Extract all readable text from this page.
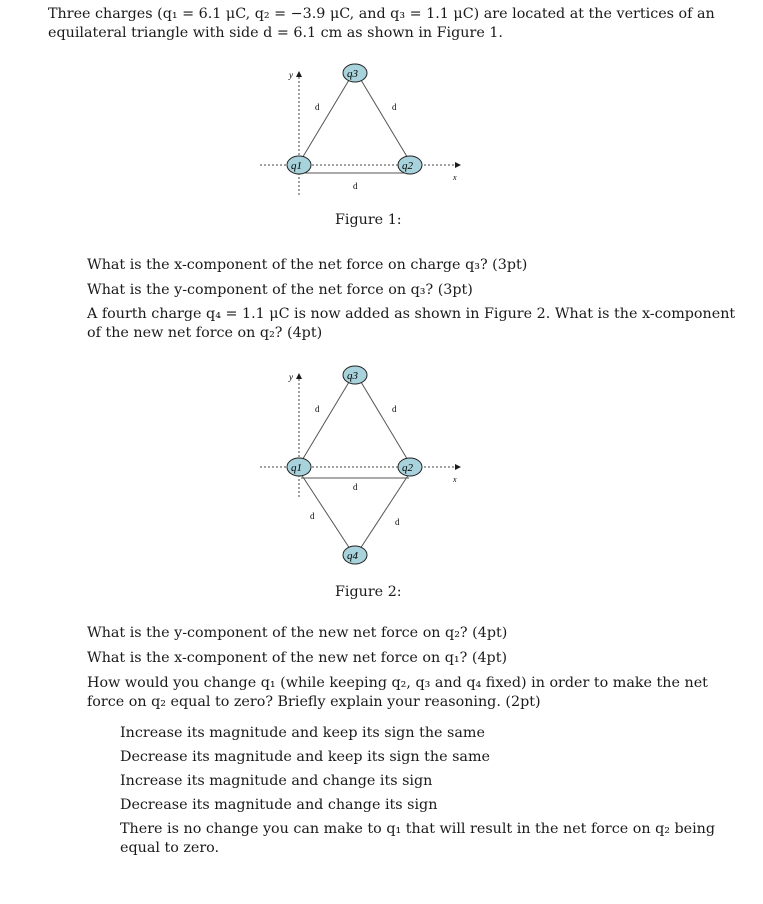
Three charges (q₁ = 6.1 μC, q₂ = −3.9 μC, and q₃ = 1.1 μC) are located at the vertices of an
equilateral triangle with side d = 6.1 cm as shown in Figure 1.
y
x
d	d
d
q3
q1	q2
Figure 1:
What is the x-component of the net force on charge q₃? (3pt)
What is the y-component of the net force on q₃? (3pt)
A fourth charge q₄ = 1.1 μC is now added as shown in Figure 2. What is the x-component
of the new net force on q₂? (4pt)
y
x
d	d
d
d
d
q3
q1	q2
q4
Figure 2:
What is the y-component of the new net force on q₂? (4pt)
What is the x-component of the new net force on q₁? (4pt)
How would you change q₁ (while keeping q₂, q₃ and q₄ fixed) in order to make the net
force on q₂ equal to zero? Briefly explain your reasoning. (2pt)
Increase its magnitude and keep its sign the same
Decrease its magnitude and keep its sign the same
Increase its magnitude and change its sign
Decrease its magnitude and change its sign
There is no change you can make to q₁ that will result in the net force on q₂ being
equal to zero.
